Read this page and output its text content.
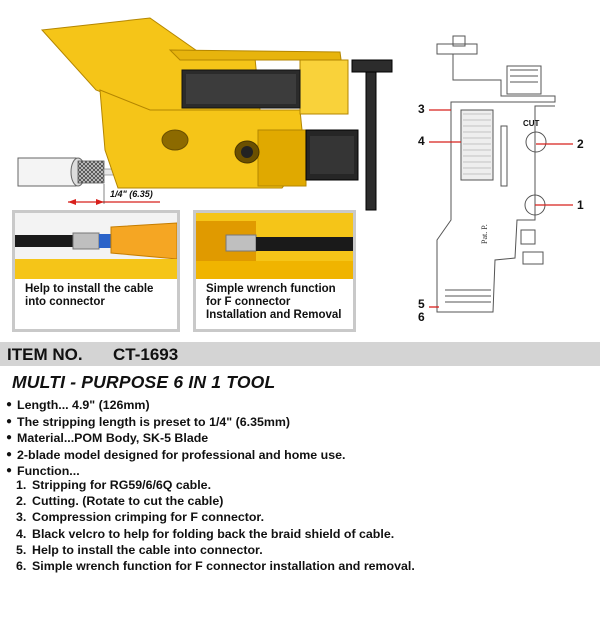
1/4" (6.35)
Pat. P.
CUT
3
4	2
1
5
6
Help to install the cable
into connector
Simple wrench function
for F connector
Installation and Removal
ITEM NO. CT-1693
MULTI - PURPOSE 6 IN 1 TOOL
● Length... 4.9" (126mm)
● The stripping length is preset to 1/4" (6.35mm)
● Material...POM Body, SK-5 Blade
● 2-blade model designed for professional and home use.
● Function...
1. Stripping for RG59/6/6Q cable.
2. Cutting. (Rotate to cut the cable)
3. Compression crimping for F connector.
4. Black velcro to help for folding back the braid shield of cable.
5. Help to install the cable into connector.
6. Simple wrench function for F connector installation and removal.
